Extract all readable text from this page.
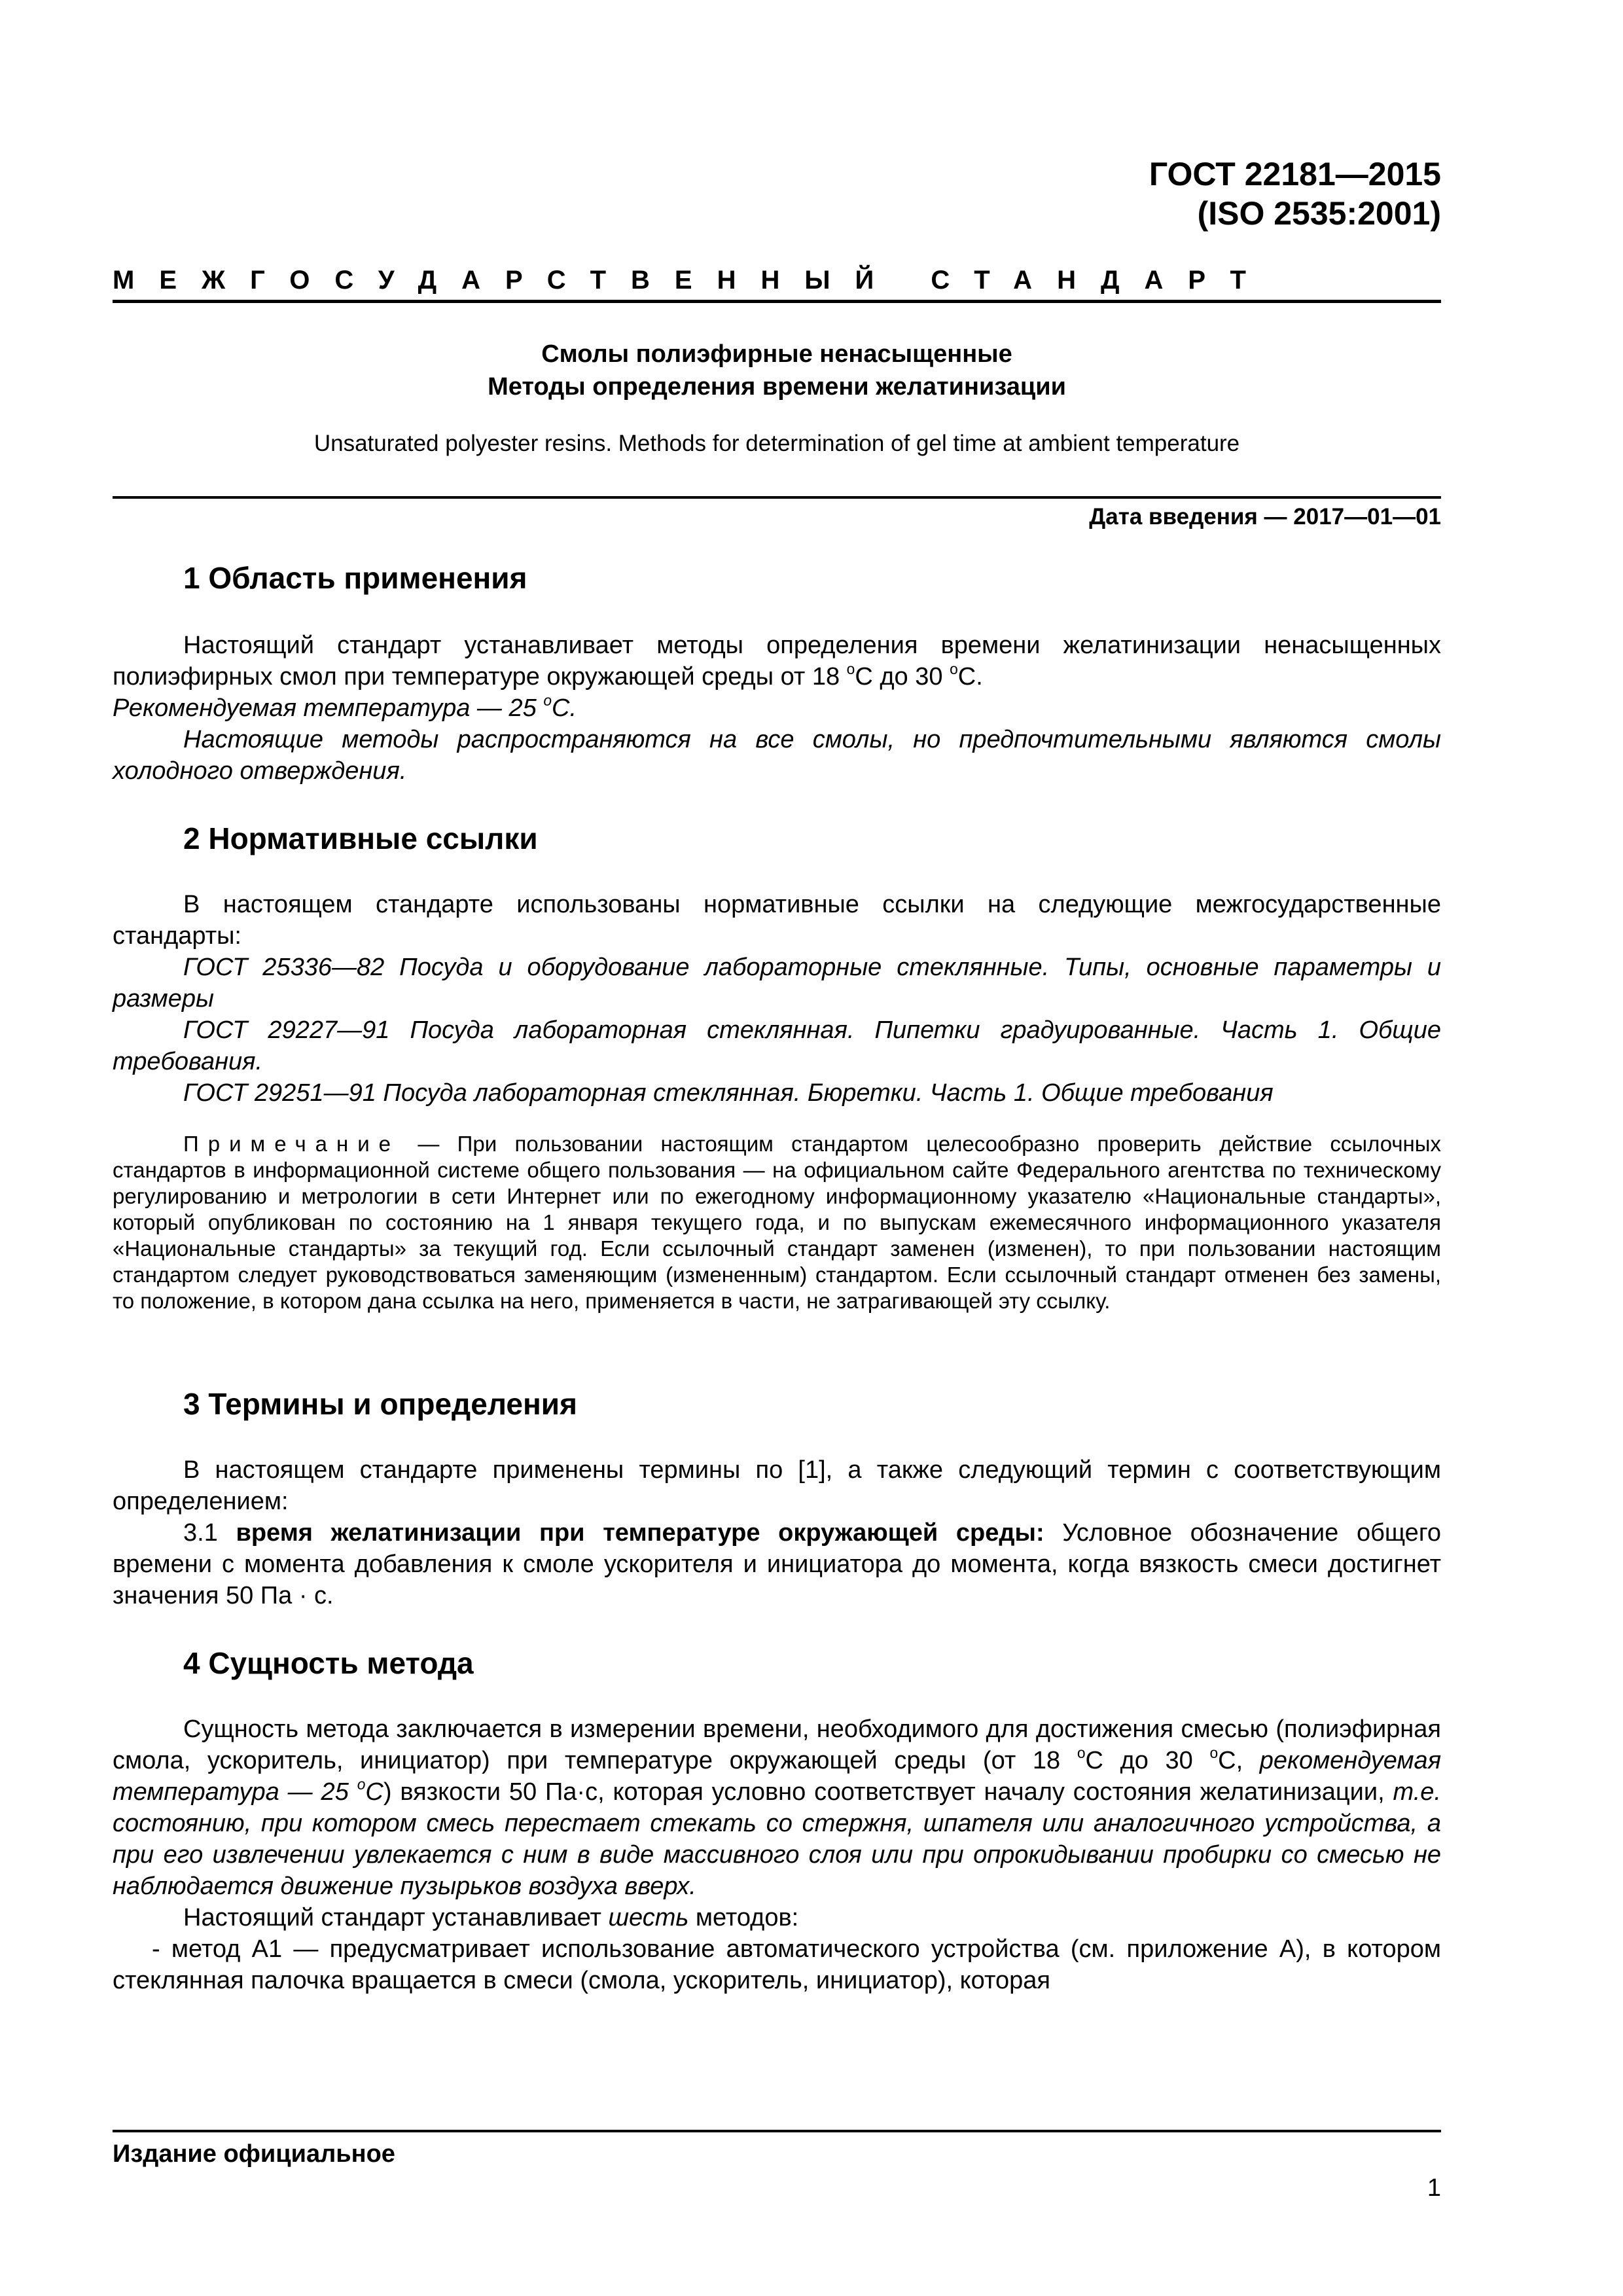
ГОСТ 22181—2015
(ISO 2535:2001)
МЕЖГОСУДАРСТВЕННЫЙ СТАНДАРТ
Смолы полиэфирные ненасыщенные
Методы определения времени желатинизации
Unsaturated polyester resins. Methods for determination of gel time at ambient temperature
Дата введения — 2017—01—01
1 Область применения

Настоящий стандарт устанавливает методы определения времени желатинизации ненасыщенных полиэфирных смол при температуре окружающей среды от 18 $^o$C до 30 $^o$C.

Рекомендуемая температура — 25 $^o$C.

Настоящие методы распространяются на все смолы, но предпочтительными являются смолы холодного отверждения.

2 Нормативные ссылки

В настоящем стандарте использованы нормативные ссылки на следующие межгосударственные стандарты:

ГОСТ 25336—82 Посуда и оборудование лабораторные стеклянные. Типы, основные параметры и размеры

ГОСТ 29227—91 Посуда лабораторная стеклянная. Пипетки градуированные. Часть 1. Общие требования.

ГОСТ 29251—91 Посуда лабораторная стеклянная. Бюретки. Часть 1. Общие требования

Примечание — При пользовании настоящим стандартом целесообразно проверить действие ссылочных стандартов в информационной системе общего пользования — на официальном сайте Федерального агентства по техническому регулированию и метрологии в сети Интернет или по ежегодному информационному указателю «Национальные стандарты», который опубликован по состоянию на 1 января текущего года, и по выпускам ежемесячного информационного указателя «Национальные стандарты» за текущий год. Если ссылочный стандарт заменен (изменен), то при пользовании настоящим стандартом следует руководствоваться заменяющим (измененным) стандартом. Если ссылочный стандарт отменен без замены, то положение, в котором дана ссылка на него, применяется в части, не затрагивающей эту ссылку.

3 Термины и определения

В настоящем стандарте применены термины по [1], а также следующий термин с соответствующим определением:

3.1 время желатинизации при температуре окружающей среды: Условное обозначение общего времени с момента добавления к смоле ускорителя и инициатора до момента, когда вязкость смеси достигнет значения 50 Па · с.

4 Сущность метода

Сущность метода заключается в измерении времени, необходимого для достижения смесью (полиэфирная смола, ускоритель, инициатор) при температуре окружающей среды (от 18 $^o$C до 30 $^o$C, рекомендуемая температура — 25 $^o$C) вязкости 50 Па·с, которая условно соответствует началу состояния желатинизации, т.е. состоянию, при котором смесь перестает стекать со стержня, шпателя или аналогичного устройства, а при его извлечении увлекается с ним в виде массивного слоя или при опрокидывании пробирки со смесью не наблюдается движение пузырьков воздуха вверх.

Настоящий стандарт устанавливает шесть методов:

- метод А1 — предусматривает использование автоматического устройства (см. приложение А), в котором стеклянная палочка вращается в смеси (смола, ускоритель, инициатор), которая

Издание официальное
1
